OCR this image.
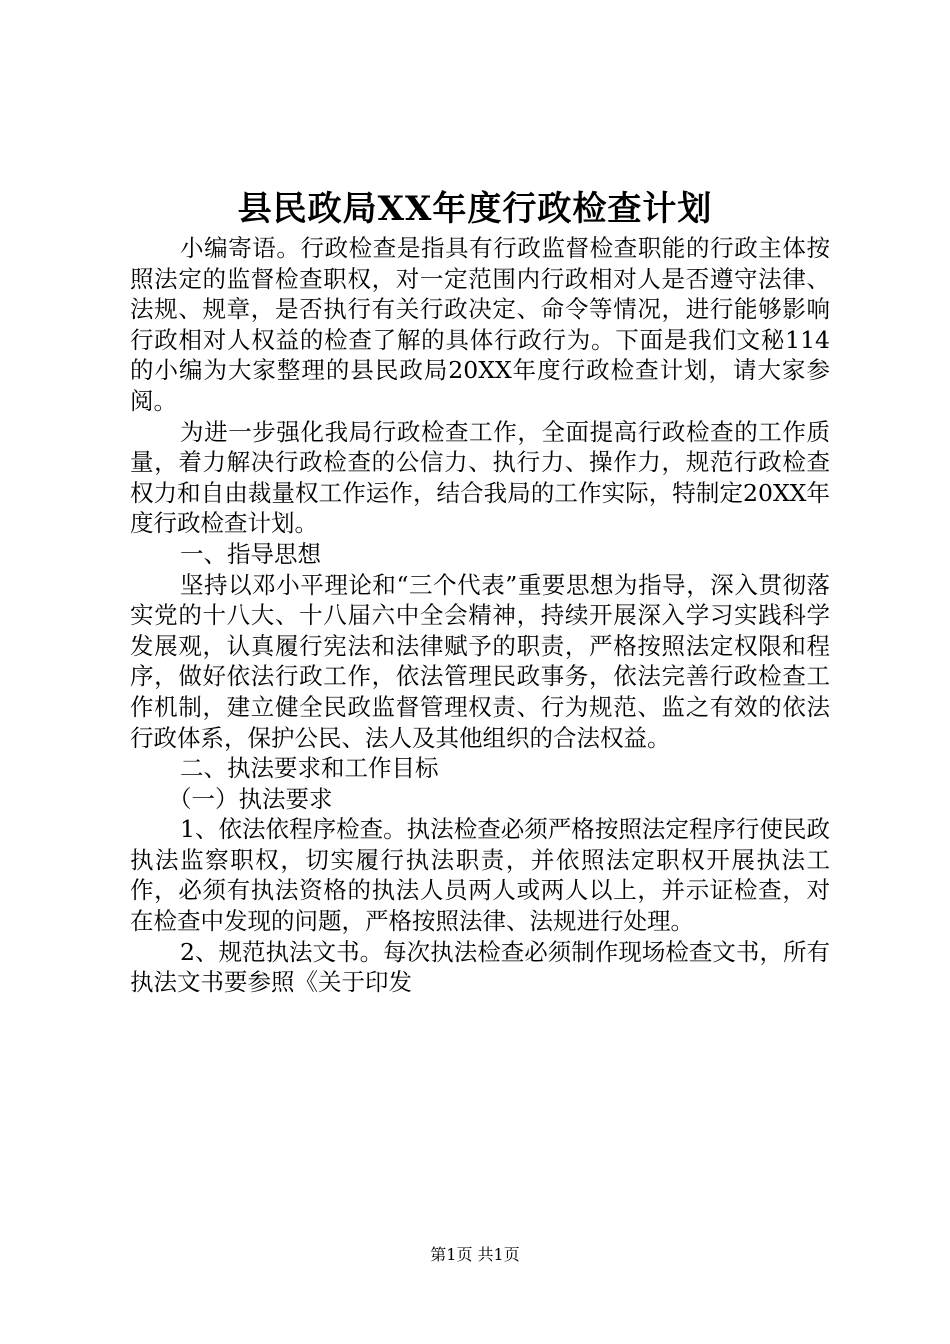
县民政局XX年度行政检查计划

小编寄语。行政检查是指具有行政监督检查职能的行政主体按照法定的监督检查职权，对一定范围内行政相对人是否遵守法律、法规、规章，是否执行有关行政决定、命令等情况，进行能够影响行政相对人权益的检查了解的具体行政行为。下面是我们文秘114的小编为大家整理的县民政局20XX年度行政检查计划，请大家参阅。

为进一步强化我局行政检查工作，全面提高行政检查的工作质量，着力解决行政检查的公信力、执行力、操作力，规范行政检查权力和自由裁量权工作运作，结合我局的工作实际，特制定20XX年度行政检查计划。

一、指导思想

坚持以邓小平理论和“三个代表”重要思想为指导，深入贯彻落实党的十八大、十八届六中全会精神，持续开展深入学习实践科学发展观，认真履行宪法和法律赋予的职责，严格按照法定权限和程序，做好依法行政工作，依法管理民政事务，依法完善行政检查工作机制，建立健全民政监督管理权责、行为规范、监之有效的依法行政体系，保护公民、法人及其他组织的合法权益。

二、执法要求和工作目标

（一）执法要求

1、依法依程序检查。执法检查必须严格按照法定程序行使民政执法监察职权，切实履行执法职责，并依照法定职权开展执法工作，必须有执法资格的执法人员两人或两人以上，并示证检查，对在检查中发现的问题，严格按照法律、法规进行处理。

2、规范执法文书。每次执法检查必须制作现场检查文书，所有执法文书要参照《关于印发

第1页 共1页
